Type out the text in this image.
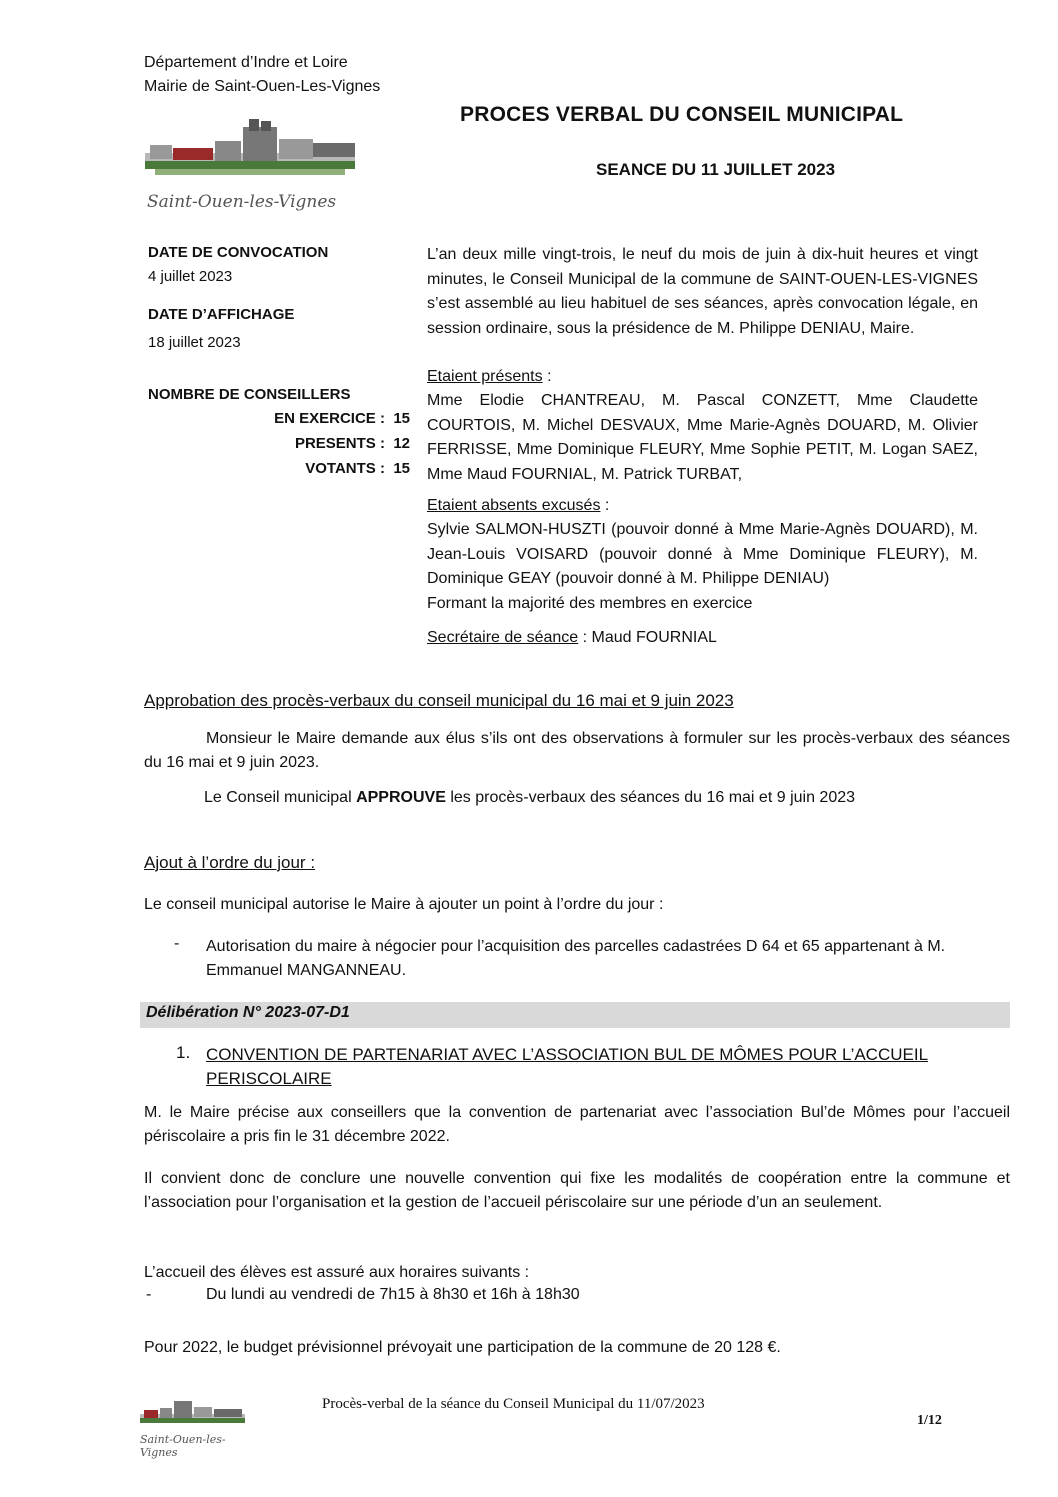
Département d’Indre et Loire
Mairie de Saint-Ouen-Les-Vignes
PROCES VERBAL DU CONSEIL MUNICIPAL
SEANCE DU 11 JUILLET 2023
Saint-Ouen-les-Vignes
DATE DE CONVOCATION
4 juillet 2023
DATE D’AFFICHAGE
18 juillet 2023
NOMBRE DE CONSEILLERS
EN EXERCICE : 15
PRESENTS : 12
VOTANTS : 15
L’an deux mille vingt-trois, le neuf du mois de juin à dix-huit heures et vingt minutes, le Conseil Municipal de la commune de SAINT-OUEN-LES-VIGNES s’est assemblé au lieu habituel de ses séances, après convocation légale, en session ordinaire, sous la présidence de M. Philippe DENIAU, Maire.
Etaient présents :
Mme Elodie CHANTREAU, M. Pascal CONZETT, Mme Claudette COURTOIS, M. Michel DESVAUX, Mme Marie-Agnès DOUARD, M. Olivier FERRISSE, Mme Dominique FLEURY, Mme Sophie PETIT, M. Logan SAEZ, Mme Maud FOURNIAL, M. Patrick TURBAT,
Etaient absents excusés :
Sylvie SALMON-HUSZTI (pouvoir donné à Mme Marie-Agnès DOUARD), M. Jean-Louis VOISARD (pouvoir donné à Mme Dominique FLEURY), M. Dominique GEAY (pouvoir donné à M. Philippe DENIAU)
Formant la majorité des membres en exercice
Secrétaire de séance : Maud FOURNIAL
Approbation des procès-verbaux du conseil municipal du 16 mai et 9 juin 2023
Monsieur le Maire demande aux élus s’ils ont des observations à formuler sur les procès-verbaux des séances du 16 mai et 9 juin 2023.
Le Conseil municipal APPROUVE les procès-verbaux des séances du 16 mai et 9 juin 2023
Ajout à l’ordre du jour :
Le conseil municipal autorise le Maire à ajouter un point à l’ordre du jour :
- Autorisation du maire à négocier pour l’acquisition des parcelles cadastrées D 64 et 65 appartenant à M. Emmanuel MANGANNEAU.
Délibération N° 2023-07-D1
1. CONVENTION DE PARTENARIAT AVEC L’ASSOCIATION BUL DE MÔMES POUR L’ACCUEIL PERISCOLAIRE
M. le Maire précise aux conseillers que la convention de partenariat avec l’association Bul’de Mômes pour l’accueil périscolaire a pris fin le 31 décembre 2022.
Il convient donc de conclure une nouvelle convention qui fixe les modalités de coopération entre la commune et l’association pour l’organisation et la gestion de l’accueil périscolaire sur une période d’un an seulement.
L’accueil des élèves est assuré aux horaires suivants :
-	Du lundi au vendredi de 7h15 à 8h30 et 16h à 18h30
Pour 2022, le budget prévisionnel prévoyait une participation de la commune de 20 128 €.
Saint-Ouen-les-Vignes
Procès-verbal de la séance du Conseil Municipal du 11/07/2023
1/12
